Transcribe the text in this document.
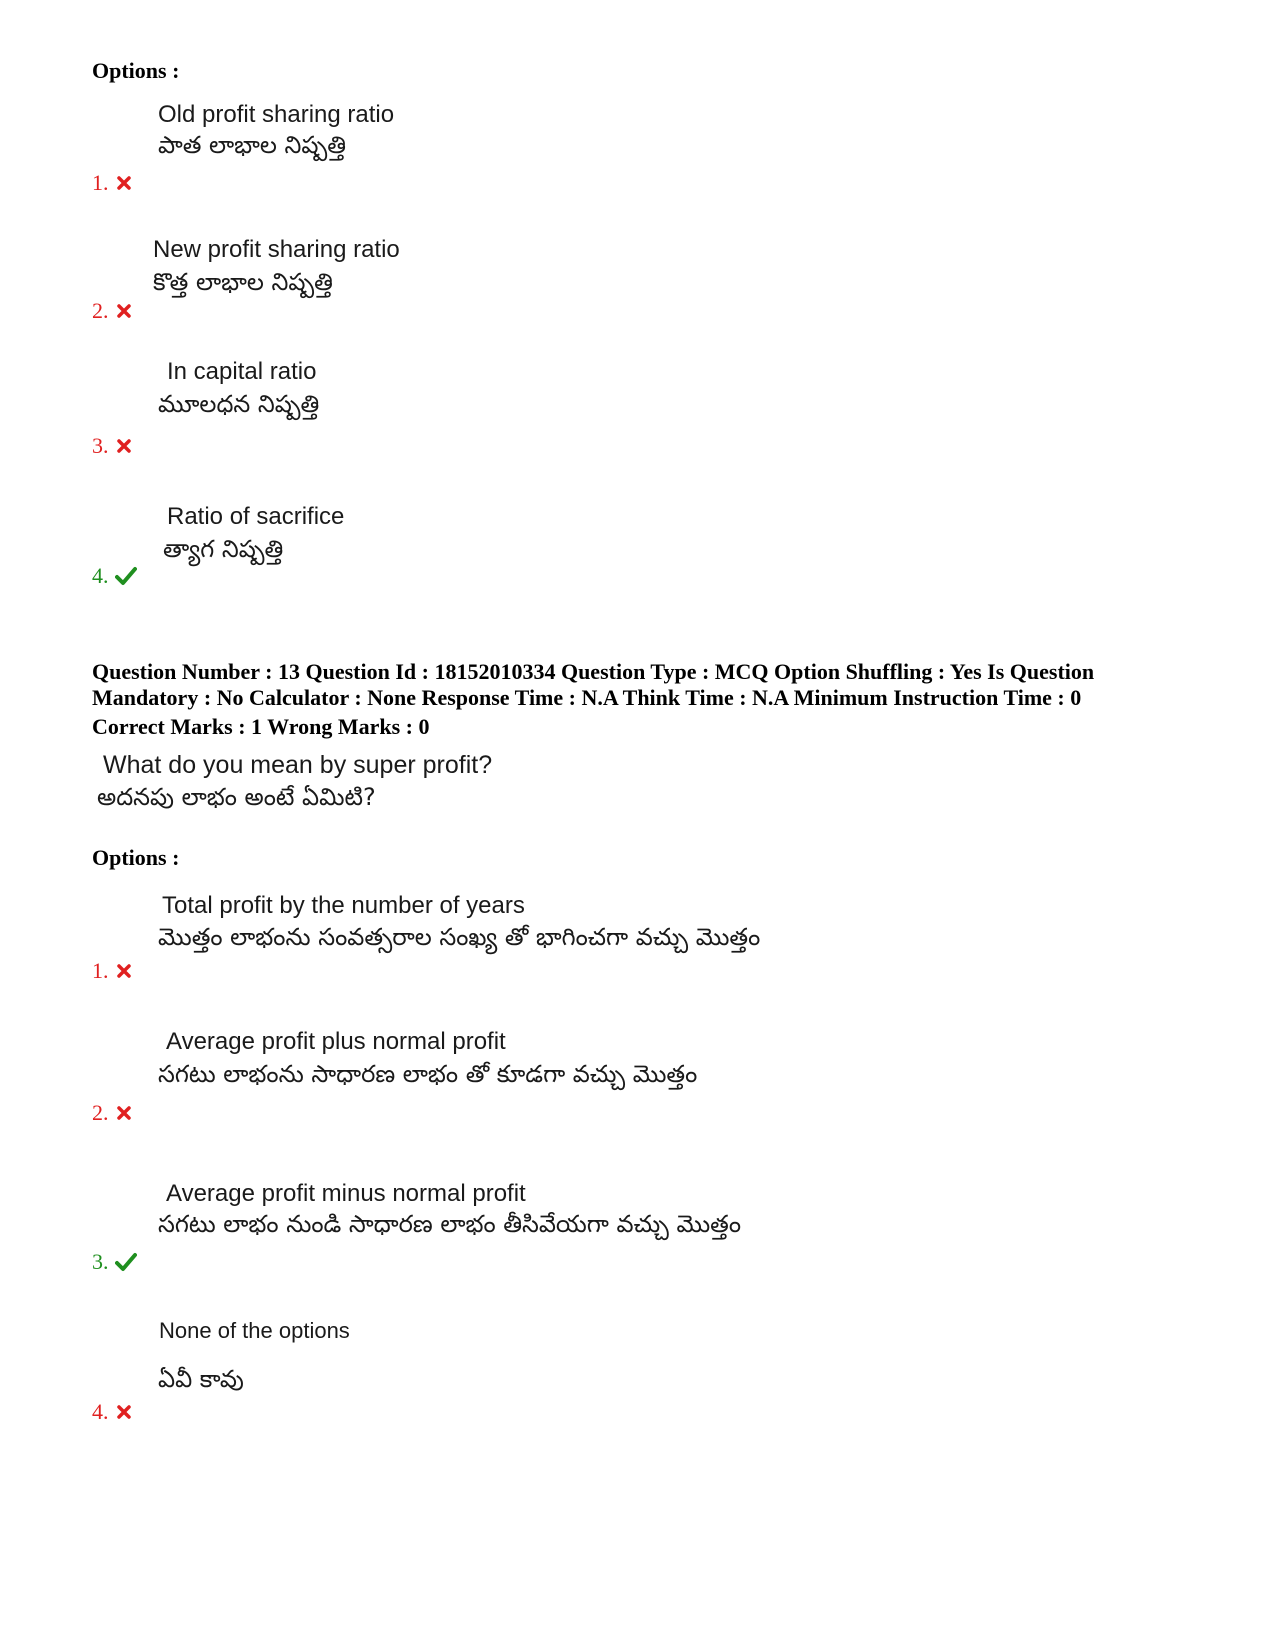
Options :
Old profit sharing ratio
పాత లాభాల నిష్పత్తి
1.
New profit sharing ratio
కొత్త లాభాల నిష్పత్తి
2.
In capital ratio
మూలధన నిష్పత్తి
3.
Ratio of sacrifice
త్యాగ నిష్పత్తి
4.
Question Number : 13 Question Id : 18152010334 Question Type : MCQ Option Shuffling : Yes Is Question
Mandatory : No Calculator : None Response Time : N.A Think Time : N.A Minimum Instruction Time : 0
Correct Marks : 1 Wrong Marks : 0
What do you mean by super profit?
అదనపు లాభం అంటే ఏమిటి?
Options :
Total profit by the number of years
మొత్తం లాభంను సంవత్సరాల సంఖ్య తో భాగించగా వచ్చు మొత్తం
1.
Average profit plus normal profit
సగటు లాభంను సాధారణ లాభం తో కూడగా వచ్చు మొత్తం
2.
Average profit minus normal profit
సగటు లాభం నుండి సాధారణ లాభం తీసివేయగా వచ్చు మొత్తం
3.
None of the options
ఏవీ కావు
4.
